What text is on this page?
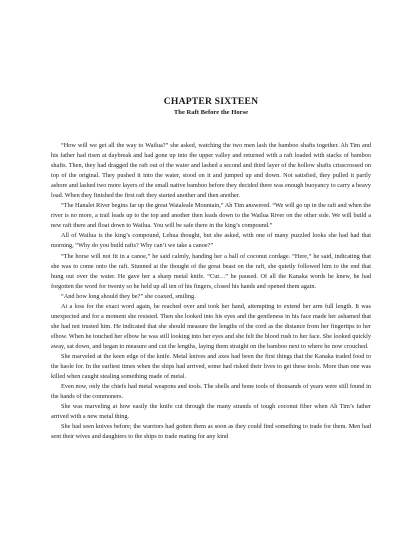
CHAPTER SIXTEEN
The Raft Before the Horse

“How will we get all the way to Wailua?” she asked, watching the two men lash the bamboo shafts together. Ah Tim and his father had risen at daybreak and had gone up into the upper valley and returned with a raft loaded with stacks of bamboo shafts. Then, they had dragged the raft out of the water and lashed a second and third layer of the hollow shafts crisscrossed on top of the original. They pushed it into the water, stood on it and jumped up and down. Not satisfied, they pulled it partly ashore and lashed two more layers of the small native bamboo before they decided there was enough buoyancy to carry a heavy load. When they finished the first raft they started another and then another.

“The Hanalei River begins far up the great Waialeale Mountain,” Ah Tim answered. “We will go up in the raft and when the river is no more, a trail leads up to the top and another then leads down to the Wailua River on the other side. We will build a new raft there and float down to Wailua. You will be safe there in the king’s compound.”

All of Wailua is the king’s compound, Lehua thought, but she asked, with one of many puzzled looks she had had that morning, “Why do you build rafts? Why can’t we take a canoe?”

“The horse will not fit in a canoe,” he said calmly, handing her a ball of coconut cordage. “Here,” he said, indicating that she was to come onto the raft. Stunned at the thought of the great beast on the raft, she quietly followed him to the end that hung out over the water. He gave her a sharp metal knife. “Cut…” he paused. Of all the Kanaka words he knew, he had forgotten the word for twenty so he held up all ten of his fingers, closed his hands and opened them again.

“And how long should they be?” she coaxed, smiling.

At a loss for the exact word again, he reached over and took her hand, attempting to extend her arm full length. It was unexpected and for a moment she resisted. Then she looked into his eyes and the gentleness in his face made her ashamed that she had not trusted him. He indicated that she should measure the lengths of the cord as the distance from her fingertips to her elbow. When he touched her elbow he was still looking into her eyes and she felt the blood rush to her face. She looked quickly away, sat down, and began to measure and cut the lengths, laying them straight on the bamboo next to where he now crouched.

She marveled at the keen edge of the knife. Metal knives and axes had been the first things that the Kanaka traded food to the haole for. In the earliest times when the ships had arrived, some had risked their lives to get these tools. More than one was killed when caught stealing something made of metal.

Even now, only the chiefs had metal weapons and tools. The shells and bone tools of thousands of years were still found in the hands of the commoners.

She was marveling at how easily the knife cut through the many strands of tough coconut fiber when Ah Tim’s father arrived with a new metal thing.

She had seen knives before; the warriors had gotten them as soon as they could find something to trade for them. Men had sent their wives and daughters to the ships to trade mating for any kind
